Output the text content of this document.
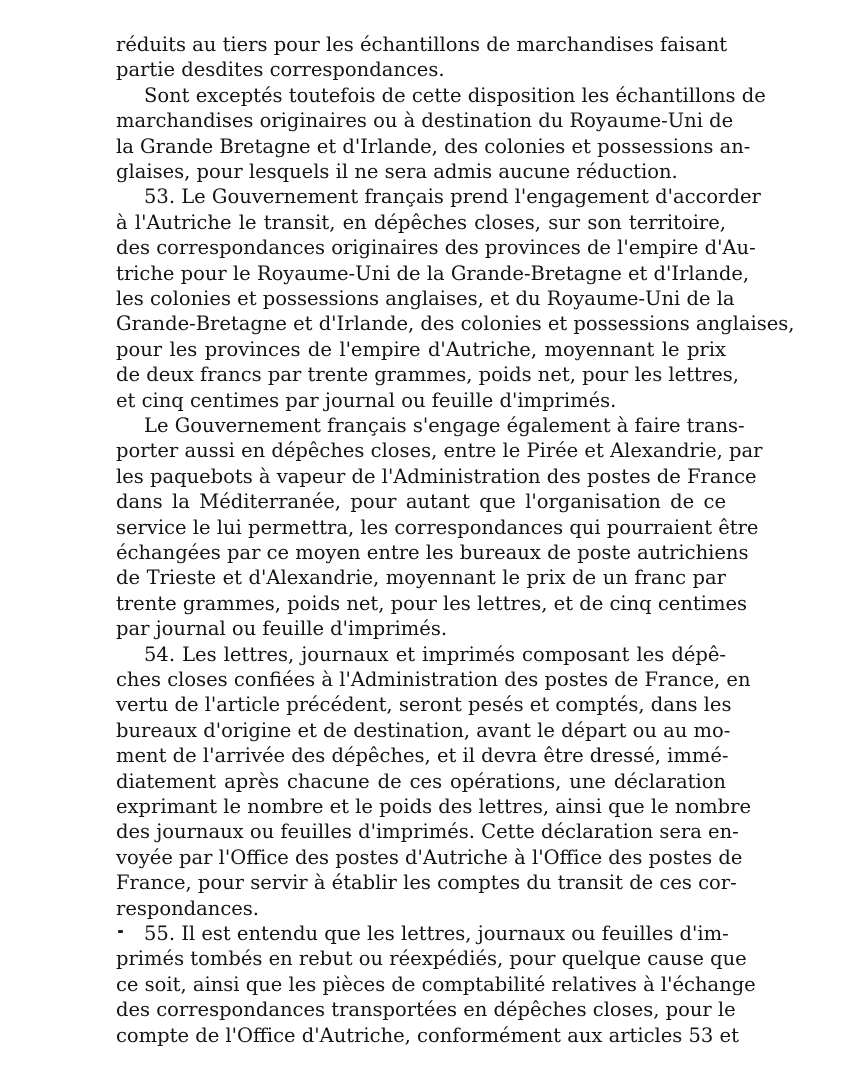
réduits au tiers pour les échantillons de marchandises faisant
partie desdites correspondances.
Sont exceptés toutefois de cette disposition les échantillons de
marchandises originaires ou à destination du Royaume-Uni de
la Grande Bretagne et d'Irlande, des colonies et possessions an-
glaises, pour lesquels il ne sera admis aucune réduction.
53. Le Gouvernement français prend l'engagement d'accorder
à l'Autriche le transit, en dépêches closes, sur son territoire,
des correspondances originaires des provinces de l'empire d'Au-
triche pour le Royaume-Uni de la Grande-Bretagne et d'Irlande,
les colonies et possessions anglaises, et du Royaume-Uni de la
Grande-Bretagne et d'Irlande, des colonies et possessions anglaises,
pour les provinces de l'empire d'Autriche, moyennant le prix
de deux francs par trente grammes, poids net, pour les lettres,
et cinq centimes par journal ou feuille d'imprimés.
Le Gouvernement français s'engage également à faire trans-
porter aussi en dépêches closes, entre le Pirée et Alexandrie, par
les paquebots à vapeur de l'Administration des postes de France
dans la Méditerranée, pour autant que l'organisation de ce
service le lui permettra, les correspondances qui pourraient être
échangées par ce moyen entre les bureaux de poste autrichiens
de Trieste et d'Alexandrie, moyennant le prix de un franc par
trente grammes, poids net, pour les lettres, et de cinq centimes
par journal ou feuille d'imprimés.
54. Les lettres, journaux et imprimés composant les dépê-
ches closes confiées à l'Administration des postes de France, en
vertu de l'article précédent, seront pesés et comptés, dans les
bureaux d'origine et de destination, avant le départ ou au mo-
ment de l'arrivée des dépêches, et il devra être dressé, immé-
diatement après chacune de ces opérations, une déclaration
exprimant le nombre et le poids des lettres, ainsi que le nombre
des journaux ou feuilles d'imprimés. Cette déclaration sera en-
voyée par l'Office des postes d'Autriche à l'Office des postes de
France, pour servir à établir les comptes du transit de ces cor-
respondances.
55. Il est entendu que les lettres, journaux ou feuilles d'im-
primés tombés en rebut ou réexpédiés, pour quelque cause que
ce soit, ainsi que les pièces de comptabilité relatives à l'échange
des correspondances transportées en dépêches closes, pour le
compte de l'Office d'Autriche, conformément aux articles 53 et
